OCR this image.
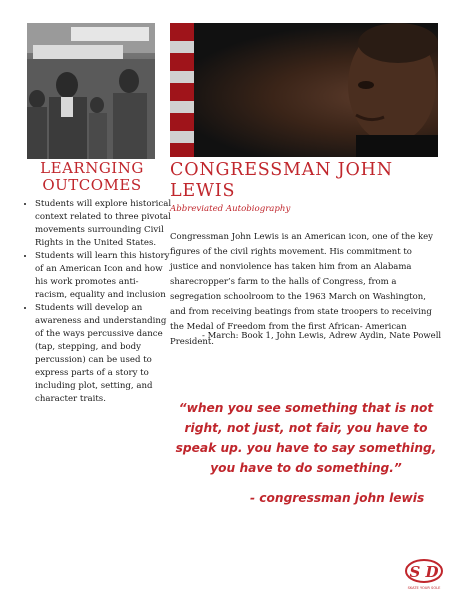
LEARNGING OUTCOMES
• Students will explore historical context related to three pivotal movements surrounding Civil Rights in the United States.
• Students will learn this history of an American Icon and how his work promotes anti- racism, equality and inclusion
• Students will develop an awareness and understanding of the ways percussive dance (tap, stepping, and body percussion) can be used to express parts of a story to including plot, setting, and character traits.
CONGRESSMAN JOHN LEWIS
Abbreviated Autobiography
Congressman John Lewis is an American icon, one of the key figures of the civil rights movement. His commitment to justice and nonviolence has taken him from an Alabama sharecropper’s farm to the halls of Congress, from a segregation schoolroom to the 1963 March on Washington, and from receiving beatings from state troopers to receiving the Medal of Freedom from the first African- American President.
- March: Book 1, John Lewis, Adrew Aydin, Nate Powell
“when you see something that is not right, not just, not fair, you have to speak up. you have to say something, you have to do something.”
- congressman john lewis
S D
SKATE YOUR SOLE
